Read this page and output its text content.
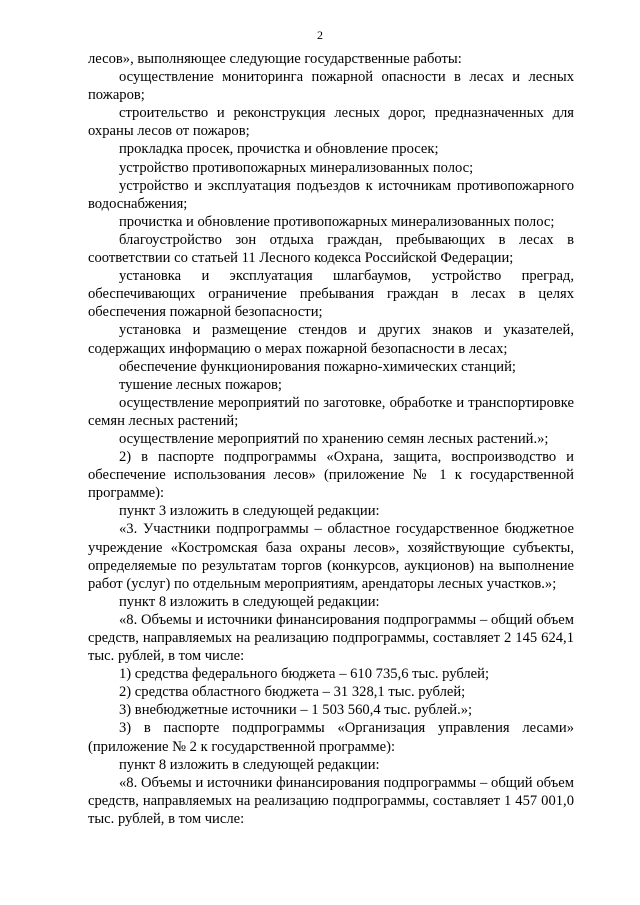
2

лесов», выполняющее следующие государственные работы:

осуществление мониторинга пожарной опасности в лесах и лесных пожаров;

строительство и реконструкция лесных дорог, предназначенных для охраны лесов от пожаров;

прокладка просек, прочистка и обновление просек;

устройство противопожарных минерализованных полос;

устройство и эксплуатация подъездов к источникам противопожарного водоснабжения;

прочистка и обновление противопожарных минерализованных полос;

благоустройство зон отдыха граждан, пребывающих в лесах в соответствии со статьей 11 Лесного кодекса Российской Федерации;

установка и эксплуатация шлагбаумов, устройство преград, обеспечивающих ограничение пребывания граждан в лесах в целях обеспечения пожарной безопасности;

установка и размещение стендов и других знаков и указателей, содержащих информацию о мерах пожарной безопасности в лесах;

обеспечение функционирования пожарно-химических станций;

тушение лесных пожаров;

осуществление мероприятий по заготовке, обработке и транспортировке семян лесных растений;

осуществление мероприятий по хранению семян лесных растений.»;

2) в паспорте подпрограммы «Охрана, защита, воспроизводство и обеспечение использования лесов» (приложение № 1 к государственной программе):

пункт 3 изложить в следующей редакции:

«3. Участники подпрограммы – областное государственное бюджетное учреждение «Костромская база охраны лесов», хозяйствующие субъекты, определяемые по результатам торгов (конкурсов, аукционов) на выполнение работ (услуг) по отдельным мероприятиям, арендаторы лесных участков.»;

пункт 8 изложить в следующей редакции:

«8. Объемы и источники финансирования подпрограммы – общий объем средств, направляемых на реализацию подпрограммы, составляет 2 145 624,1 тыс. рублей, в том числе:

1) средства федерального бюджета – 610 735,6 тыс. рублей;

2) средства областного бюджета – 31 328,1 тыс. рублей;

3) внебюджетные источники – 1 503 560,4 тыс. рублей.»;

3) в паспорте подпрограммы «Организация управления лесами» (приложение № 2 к государственной программе):

пункт 8 изложить в следующей редакции:

«8. Объемы и источники финансирования подпрограммы – общий объем средств, направляемых на реализацию подпрограммы, составляет 1 457 001,0 тыс. рублей, в том числе:
